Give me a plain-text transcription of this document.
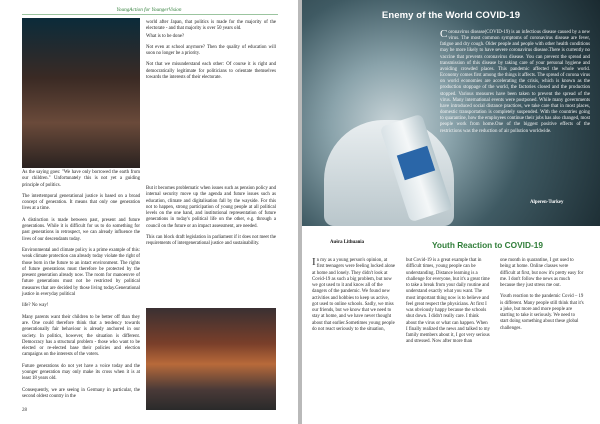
YoungAction for YoungerVision

As the saying goes: "We have only borrowed the earth from our children." Unfortunately this is not yet a guiding principle of politics.

The intertemporal generational justice is based on a broad concept of generation. It means that only one generation lives at a time.

A distinction is made between past, present and future generations. While it is difficult for us to do something for past generations in retrospect, we can already influence the lives of our descendants today.

Environmental and climate policy is a prime example of this: weak climate protection can already today violate the right of those born in the future to an intact environment. The rights of future generations must therefore be protected by the present generation already now. The room for manoeuvre of future generations must not be restricted by political measures that are decided by those living today.Generational justice in everyday political

life? No way!

Many parents want their children to be better off than they are. One could therefore think that a tendency towards generationally fair behaviour is already anchored in our society. In politics, however, the situation is different. Democracy has a structural problem - those who want to be elected or re-elected base their policies and election campaigns on the interests of the voters.

Future generations do not yet have a voice today and the younger generation may only make its cross when it is at least 18 years old.

Consequently, we are seeing in Germany in particular, the second oldest country in the

world after Japan, that politics is made for the majority of the electorate - and that majority is over 50 years old.

What is to be done?

Not even at school anymore? Then the quality of education will soon no longer be a priority.

Not that we misunderstand each other: Of course it is right and democratically legitimate for politicians to orientate themselves towards the interests of their electorate.

But it becomes problematic when issues such as pension policy and internal security move up the agenda and future issues such as education, climate and digitalisation fall by the wayside. For this not to happen, strong participation of young people at all political levels on the one hand, and institutional representation of future generations in today's political life on the other, e.g. through a council on the future or an impact assessment, are needed.

This can block draft legislation in parliament if it does not meet the requirements of intergenerational justice and sustainability.

28
Enemy of the World COVID-19
Coronavirus disease(COVID-19) is an infectious disease caused by a new virus. The most common symptoms of coronavirus disease are fever, fatigue and dry cough. Older people and people with other health conditions may be more likely to have severe coronavirus disease.There is currently no vaccine that prevents coronavirus disease. You can prevent the spread and transmission of this disease by taking care of your personal hygiene and avoiding crowded places. This pandemic affected the whole world. Economy comes first among the things it affects. The spread of corona virus on world economies are accelerating the crisis, which is known as the production stoppage of the world, the factories closed and the production stopped. Various measures have been taken to prevent the spread of the virus. Many international events were postponed. While many governments have introduced social distance practices, we take care that in most places, domestic transportation is completely suspended. With the countries going to quarantine, how the employees continue their jobs has also changed, most people work from home.One of the biggest positive effects of the restrictions was the reduction of air pollution worldwide.
Alperen-Turkey
Aušra Lithuania	Youth Reaction to COVID-19
In my as a young person's opinion, at first teenagers were feeling locked alone at home and lonely. They didn't look at Covid-19 as such a big problem, but now we got used to it and know all of the dangers of the pandemic. We found new activities and hobbies to keep us active, got used to online schools. Sadly, we miss our friends, but we know that we need to stay at home, and we have never thought about that earlier.Sometimes young people do not react seriously to the situation,
but Covid-19 is a great example that in difficult times, young people can be understanding. Distance learning is a challenge for everyone, but it's a great time to take a break from your daily routine and understand exactly what you want. The most important thing now is to believe and feel great respect the physicians. At first I was obviously happy because the schools shut down. I didn't really care. I think about the virus or what can happen. When I finally realized the news and talked to my family members about it, I got very serious and stressed. Now after more than
one month in quarantine, I got used to being at home. Online classes were difficult at first, but now it's pretty easy for me. I don't follow the news as much because they just stress me out.
Youth reaction to the pandemic Covid – 19 is different. Many people still think that it's a joke, but more and more people are starting to take it seriously. We need to start doing something about these global challenges.
